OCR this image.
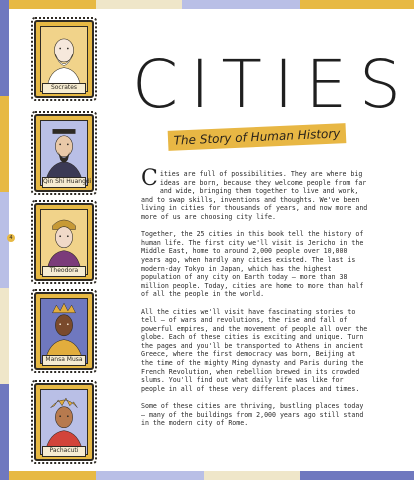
4
Socrates
Qin Shi Huangdi
Theodora
Mansa Musa
Pachacuti
CITIES
The Story of Human History

Cities are full of possibilities. They are where big ideas are born, because they welcome people from far and wide, bringing them together to live and work, and to swap skills, inventions and thoughts. We've been living in cities for thousands of years, and now more and more of us are choosing city life.

Together, the 25 cities in this book tell the history of human life. The first city we'll visit is Jericho in the Middle East, home to around 2,000 people over 10,000 years ago, when hardly any cities existed. The last is modern-day Tokyo in Japan, which has the highest population of any city on Earth today – more than 38 million people. Today, cities are home to more than half of all the people in the world.

All the cities we'll visit have fascinating stories to tell – of wars and revolutions, the rise and fall of powerful empires, and the movement of people all over the globe. Each of these cities is exciting and unique. Turn the pages and you'll be transported to Athens in ancient Greece, where the first democracy was born, Beijing at the time of the mighty Ming dynasty and Paris during the French Revolution, when rebellion brewed in its crowded slums. You'll find out what daily life was like for people in all of these very different places and times.

Some of these cities are thriving, bustling places today – many of the buildings from 2,000 years ago still stand in the modern city of Rome.
